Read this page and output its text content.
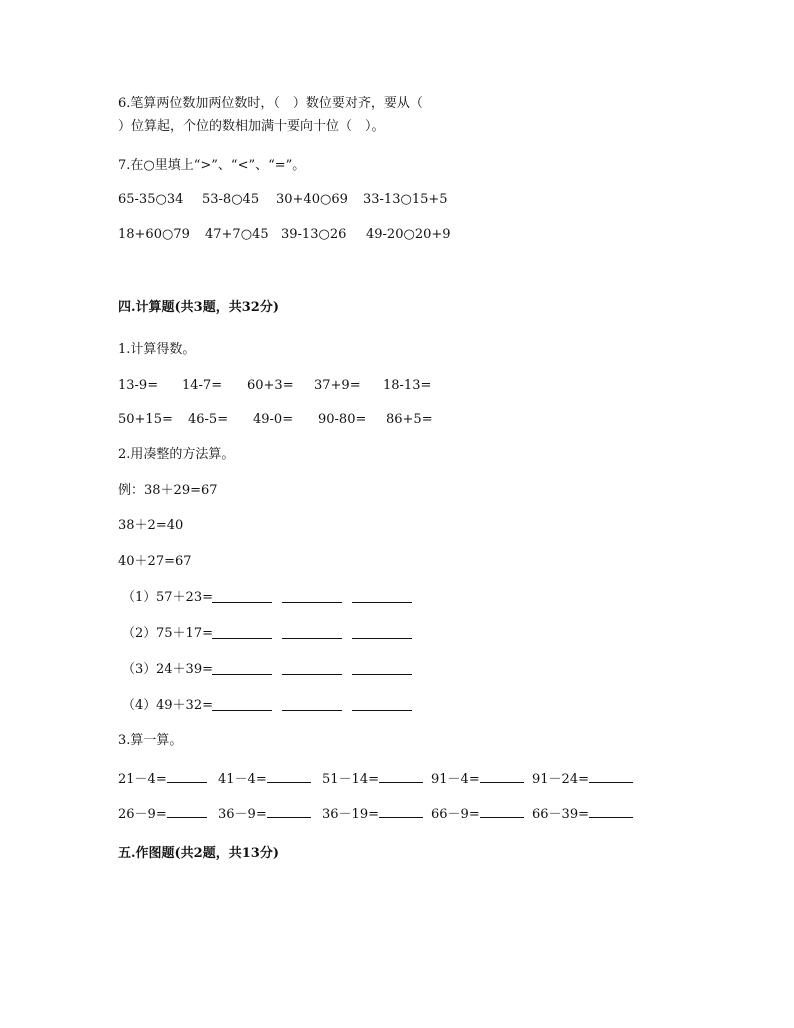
6.笔算两位数加两位数时，（　）数位要对齐，要从（
）位算起，个位的数相加满十要向十位（　）。
7.在○里填上“>”、“<”、“=”。
65-35○34 53-8○45 30+40○69 33-13○15+5
18+60○79 47+7○45 39-13○26 49-20○20+9
四.计算题(共3题，共32分)
1.计算得数。
13-9= 14-7= 60+3= 37+9= 18-13=
50+15= 46-5= 49-0= 90-80= 86+5=
2.用凑整的方法算。
例：38＋29=67
38＋2=40
40＋27=67
（1） 57＋23=
（2） 75＋17=
（3） 24＋39=
（4） 49＋32=
3.算一算。
21－4=	41－4=	51－14=	91－4=	91－24=
26－9=	36－9=	36－19=	66－9=	66－39=
五.作图题(共2题，共13分)
